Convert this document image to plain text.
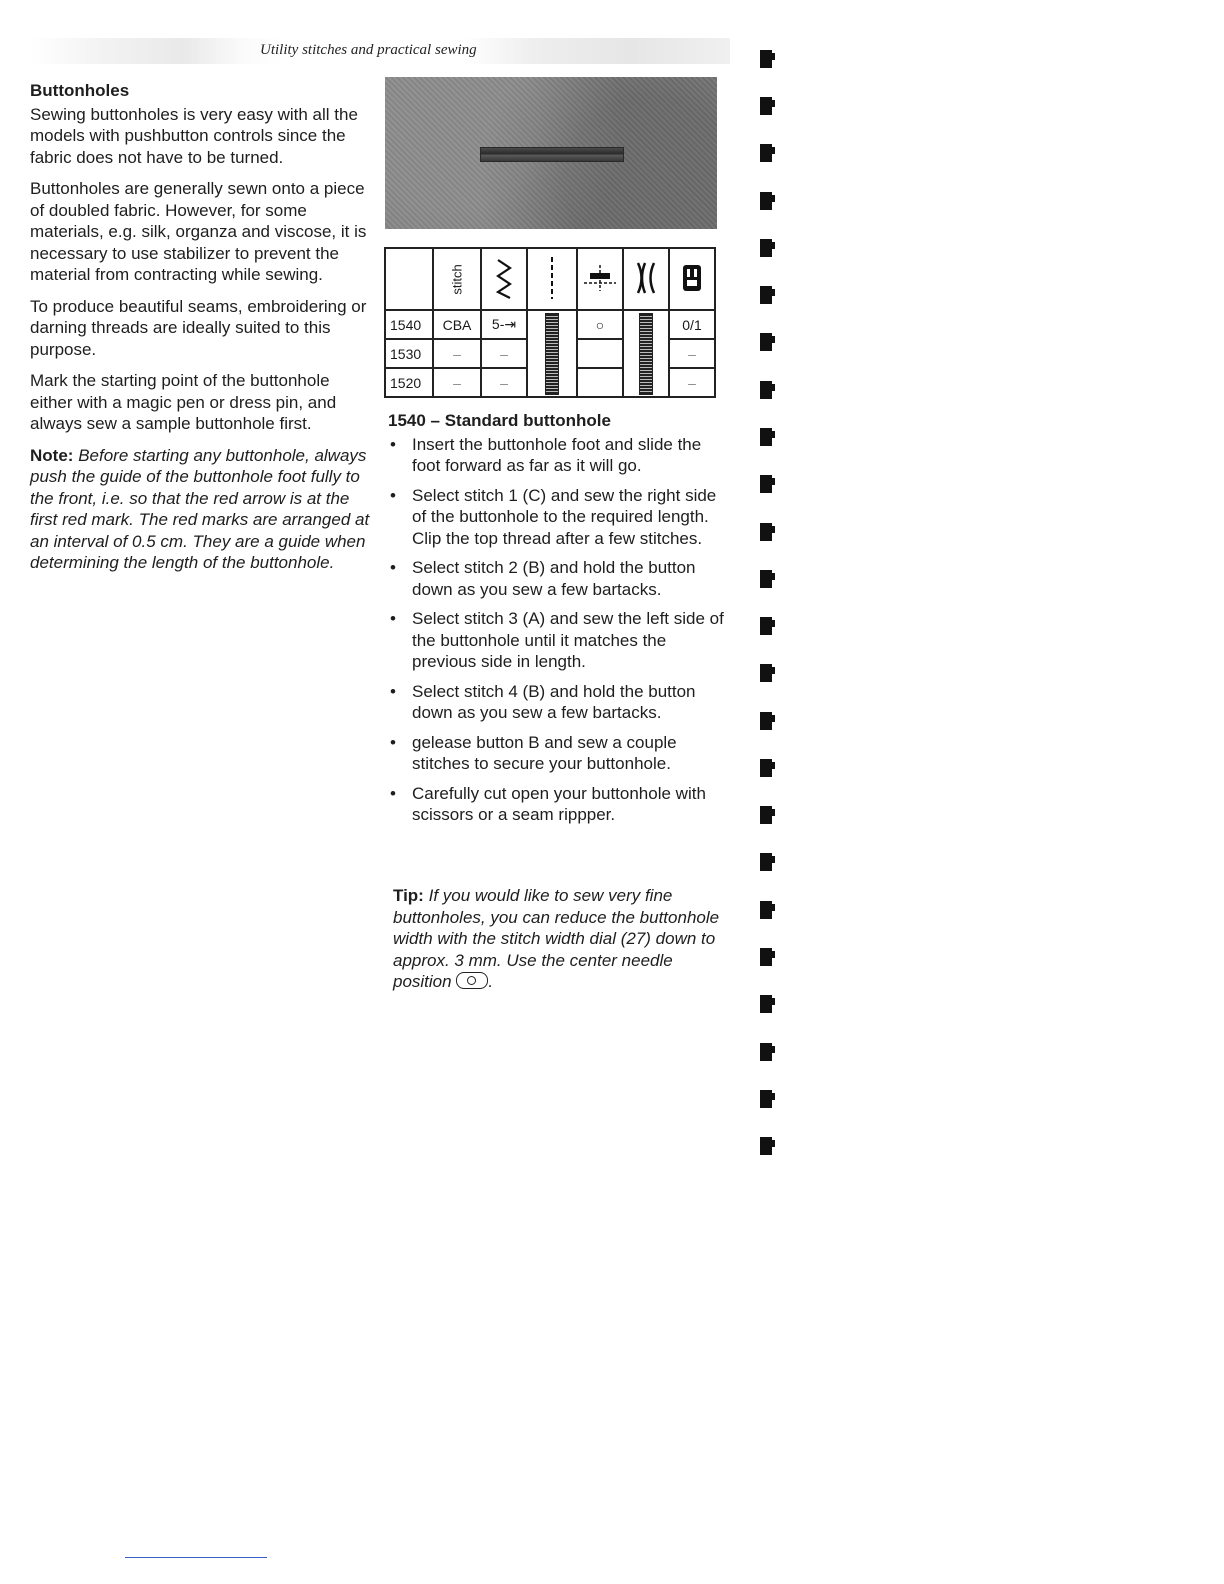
Utility stitches and practical sewing
Buttonholes

Sewing buttonholes is very easy with all the models with pushbutton controls since the fabric does not have to be turned.

Buttonholes are generally sewn onto a piece of doubled fabric. However, for some materials, e.g. silk, organza and viscose, it is necessary to use stabilizer to prevent the material from contracting while sewing.

To produce beautiful seams, embroidering or darning threads are ideally suited to this purpose.

Mark the starting point of the buttonhole either with a magic pen or dress pin, and always sew a sample buttonhole first.

Note: Before starting any buttonhole, always push the guide of the buttonhole foot fully to the front, i.e. so that the red arrow is at the first red mark. The red marks are arranged at an interval of 0.5 cm. They are a guide when determining the length of the buttonhole.

	stitch					
1540	CBA	5-⇥		○		0/1
1530	–	–				–
1520	–	–				–
1540 – Standard buttonhole
• Insert the buttonhole foot and slide the foot forward as far as it will go.
• Select stitch 1 (C) and sew the right side of the buttonhole to the required length. Clip the top thread after a few stitches.
• Select stitch 2 (B) and hold the button down as you sew a few bartacks.
• Select stitch 3 (A) and sew the left side of the buttonhole until it matches the previous side in length.
• Select stitch 4 (B) and hold the button down as you sew a few bartacks.
• gelease button B and sew a couple stitches to secure your buttonhole.
• Carefully cut open your buttonhole with scissors or a seam rippper.
Tip: If you would like to sew very fine buttonholes, you can reduce the buttonhole width with the stitch width dial (27) down to approx. 3 mm. Use the center needle position .
